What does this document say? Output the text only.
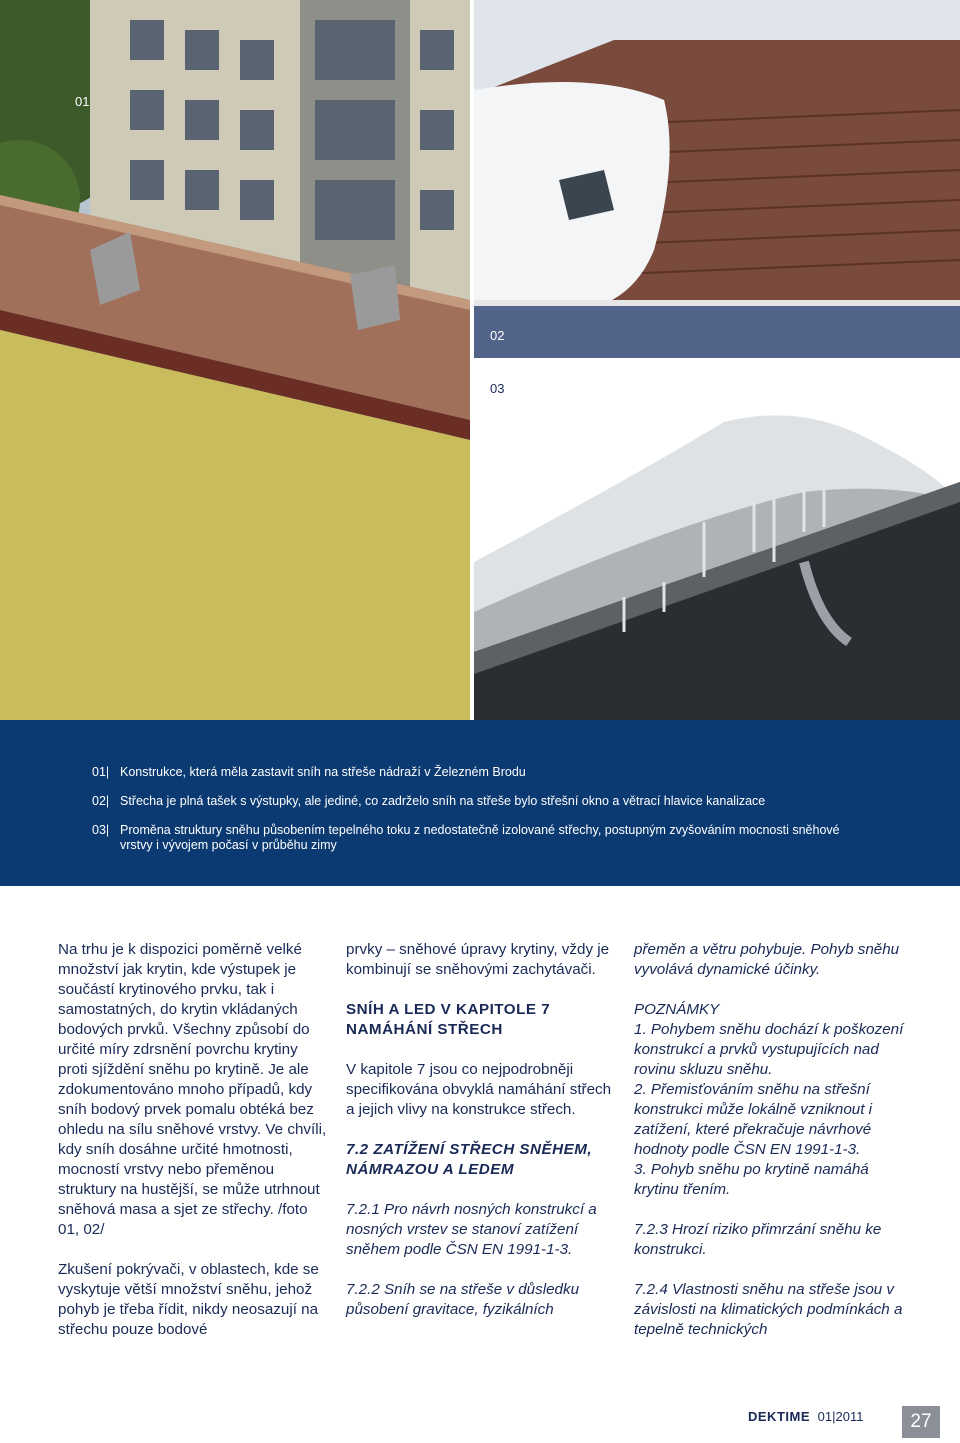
01
02
03
01| Konstrukce, která měla zastavit sníh na střeše nádraží v Železném Brodu
02| Střecha je plná tašek s výstupky, ale jediné, co zadrželo sníh na střeše bylo střešní okno a větrací hlavice kanalizace
03| Proměna struktury sněhu působením tepelného toku z nedostatečně izolované střechy, postupným zvyšováním mocnosti sněhové
vrstvy i vývojem počasí v průběhu zimy

Na trhu je k dispozici poměrně velké množství jak krytin, kde výstupek je součástí krytinového prvku, tak i samostatných, do krytin vkládaných bodových prvků. Všechny způsobí do určité míry zdrsnění povrchu krytiny proti sjíždění sněhu po krytině. Je ale zdokumentováno mnoho případů, kdy sníh bodový prvek pomalu obtéká bez ohledu na sílu sněhové vrstvy. Ve chvíli, kdy sníh dosáhne určité hmotnosti, mocností vrstvy nebo přeměnou struktury na hustější, se může utrhnout sněhová masa a sjet ze střechy. /foto 01, 02/

Zkušení pokrývači, v oblastech, kde se vyskytuje větší množství sněhu, jehož pohyb je třeba řídit, nikdy neosazují na střechu pouze bodové

prvky – sněhové úpravy krytiny, vždy je kombinují se sněhovými zachytávači.

SNÍH A LED V KAPITOLE 7 NAMÁHÁNÍ STŘECH

V kapitole 7 jsou co nejpodrobněji specifikována obvyklá namáhání střech a jejich vlivy na konstrukce střech.

7.2 ZATÍŽENÍ STŘECH SNĚHEM, NÁMRAZOU A LEDEM

7.2.1 Pro návrh nosných konstrukcí a nosných vrstev se stanoví zatížení sněhem podle ČSN EN 1991-1-3.

7.2.2 Sníh se na střeše v důsledku působení gravitace, fyzikálních

přeměn a větru pohybuje. Pohyb sněhu vyvolává dynamické účinky.

POZNÁMKY

1. Pohybem sněhu dochází k poškození konstrukcí a prvků vystupujících nad rovinu skluzu sněhu.

2. Přemisťováním sněhu na střešní konstrukci může lokálně vzniknout i zatížení, které překračuje návrhové hodnoty podle ČSN EN 1991-1-3.

3. Pohyb sněhu po krytině namáhá krytinu třením.

7.2.3 Hrozí riziko přimrzání sněhu ke konstrukci.

7.2.4 Vlastnosti sněhu na střeše jsou v závislosti na klimatických podmínkách a tepelně technických

DEKTIME 01|2011	27
